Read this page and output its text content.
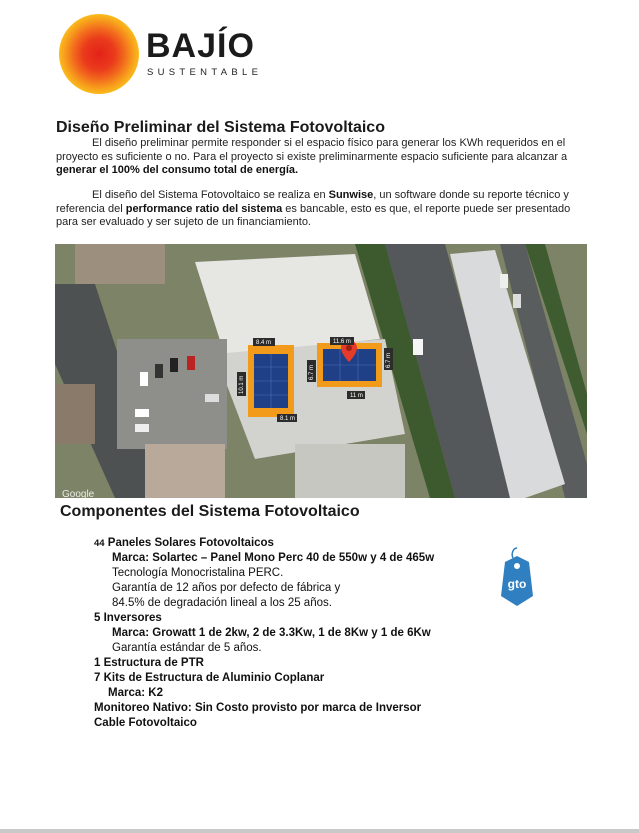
BAJÍO
SUSTENTABLE
Diseño Preliminar del Sistema Fotovoltaico
El diseño preliminar permite responder si el espacio físico para generar los KWh requeridos en el proyecto es suficiente o no. Para el proyecto si existe preliminarmente espacio suficiente para alcanzar a generar el 100% del consumo total de energía.
El diseño del Sistema Fotovoltaico se realiza en Sunwise, un software donde su reporte técnico y referencia del performance ratio del sistema es bancable, esto es que, el reporte puede ser presentado para ser evaluado y ser sujeto de un financiamiento.
8.4 m	11.6 m
8.1 m
11 m
10.1 m
6.7 m
6.7 m
Google
Componentes del Sistema Fotovoltaico
44 Paneles Solares Fotovoltaicos
Marca: Solartec – Panel Mono Perc 40 de 550w y 4 de 465w
Tecnología Monocristalina PERC.
Garantía de 12 años por defecto de fábrica y
84.5% de degradación lineal a los 25 años.
5 Inversores
Marca: Growatt 1 de 2kw, 2 de 3.3Kw, 1 de 8Kw y 1 de 6Kw
Garantía estándar de 5 años.
1 Estructura de PTR
7 Kits de Estructura de Aluminio Coplanar
Marca: K2
Monitoreo Nativo: Sin Costo provisto por marca de Inversor
Cable Fotovoltaico
gto
